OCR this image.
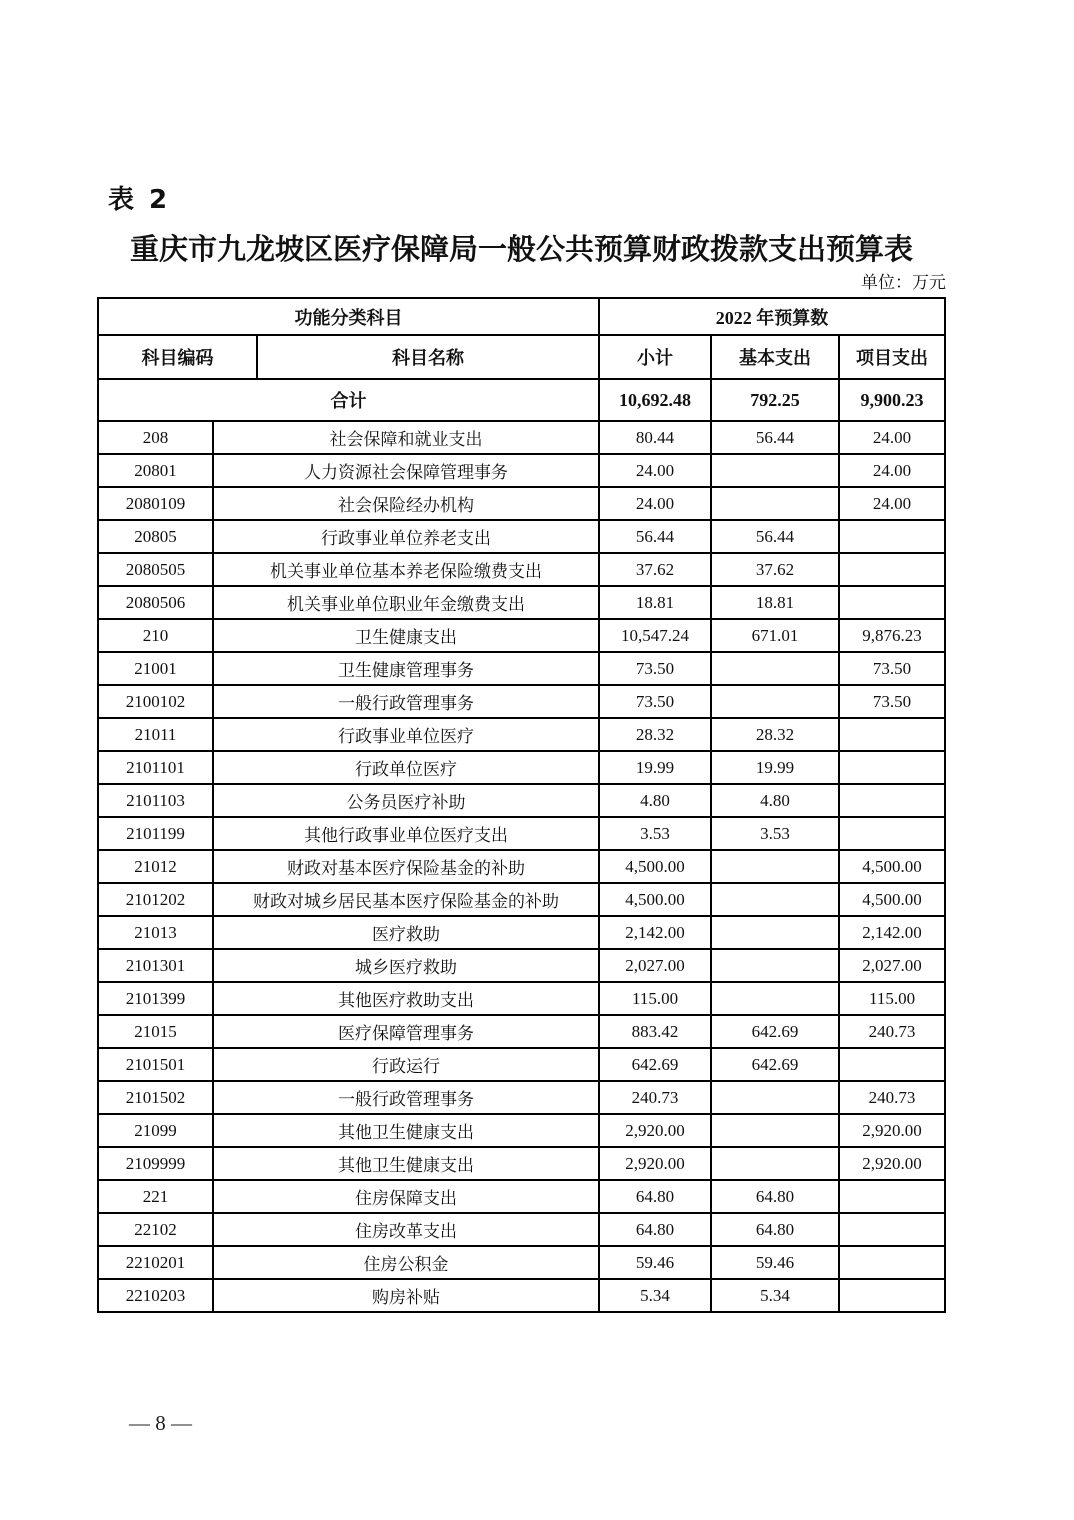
表 2
重庆市九龙坡区医疗保障局一般公共预算财政拨款支出预算表
单位：万元
功能分类科目			2022 年预算数		
科目编码		科目名称	小计	基本支出	项目支出
合计			10,692.48	792.25	9,900.23
208	社会保障和就业支出		80.44	56.44	24.00
20801	人力资源社会保障管理事务		24.00		24.00
2080109	社会保险经办机构		24.00		24.00
20805	行政事业单位养老支出		56.44	56.44	
2080505	机关事业单位基本养老保险缴费支出		37.62	37.62	
2080506	机关事业单位职业年金缴费支出		18.81	18.81	
210	卫生健康支出		10,547.24	671.01	9,876.23
21001	卫生健康管理事务		73.50		73.50
2100102	一般行政管理事务		73.50		73.50
21011	行政事业单位医疗		28.32	28.32	
2101101	行政单位医疗		19.99	19.99	
2101103	公务员医疗补助		4.80	4.80	
2101199	其他行政事业单位医疗支出		3.53	3.53	
21012	财政对基本医疗保险基金的补助		4,500.00		4,500.00
2101202	财政对城乡居民基本医疗保险基金的补助		4,500.00		4,500.00
21013	医疗救助		2,142.00		2,142.00
2101301	城乡医疗救助		2,027.00		2,027.00
2101399	其他医疗救助支出		115.00		115.00
21015	医疗保障管理事务		883.42	642.69	240.73
2101501	行政运行		642.69	642.69	
2101502	一般行政管理事务		240.73		240.73
21099	其他卫生健康支出		2,920.00		2,920.00
2109999	其他卫生健康支出		2,920.00		2,920.00
221	住房保障支出		64.80	64.80	
22102	住房改革支出		64.80	64.80	
2210201	住房公积金		59.46	59.46	
2210203	购房补贴		5.34	5.34	
— 8 —
